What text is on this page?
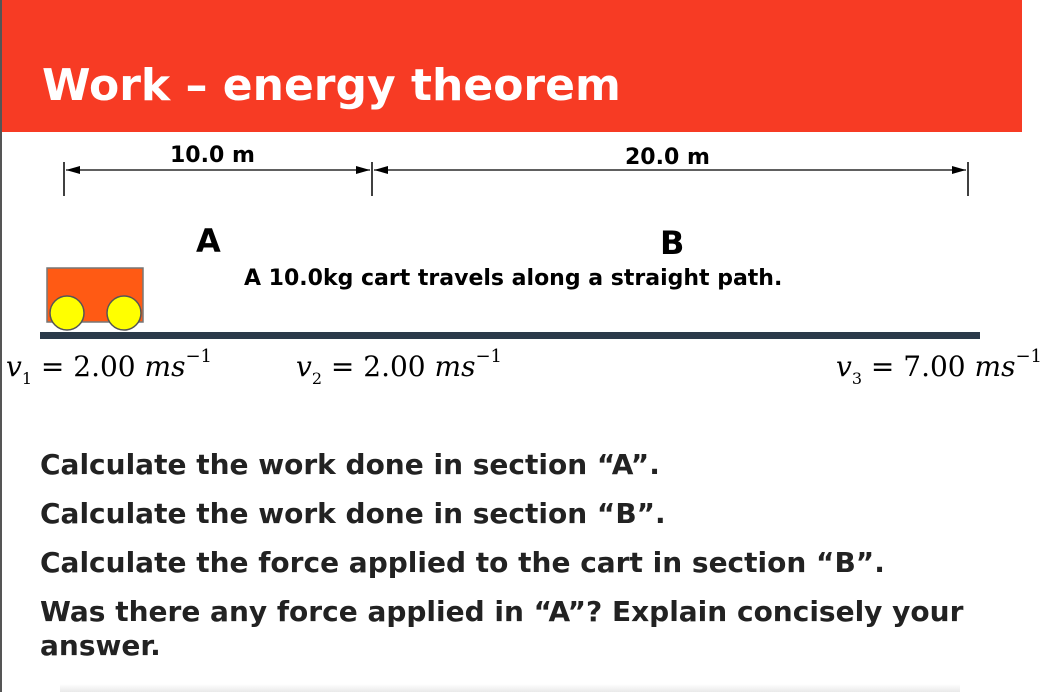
Work – energy theorem
10.0 m	20.0 m
A	B
A 10.0kg cart travels along a straight path.
$v_1 = 2.00$ $ms^{-1}$	$v_2 = 2.00$ $ms^{-1}$	$v_3 = 7.00$ $ms^{-1}$
Calculate the work done in section “A”.
Calculate the work done in section “B”.
Calculate the force applied to the cart in section “B”.
Was there any force applied in “A”? Explain concisely your answer.
